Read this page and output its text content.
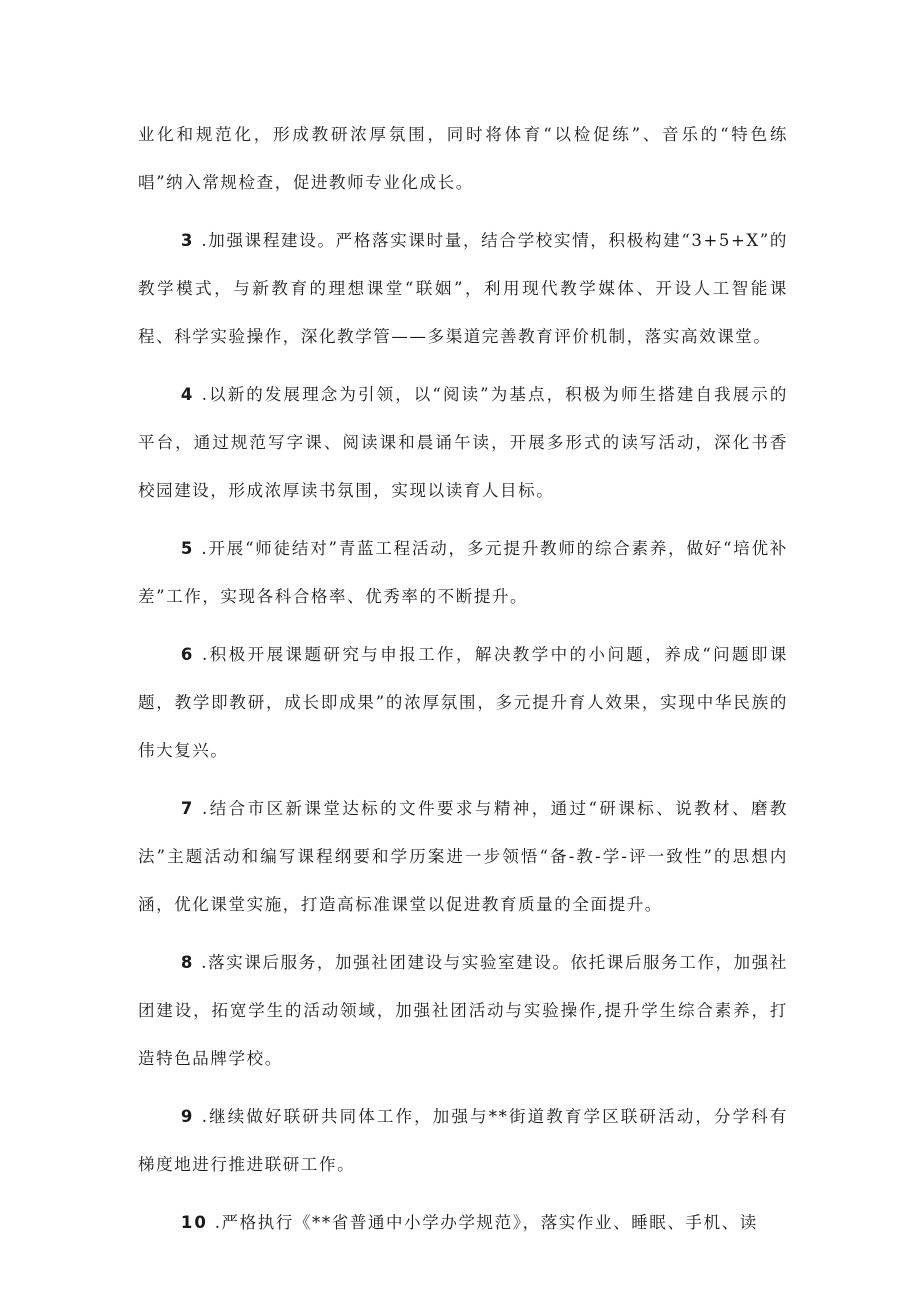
业化和规范化，形成教研浓厚氛围，同时将体育“以检促练”、音乐的“特色练唱”纳入常规检查，促进教师专业化成长。

3 .加强课程建设。严格落实课时量，结合学校实情，积极构建“3+5+X”的教学模式，与新教育的理想课堂“联姻”，利用现代教学媒体、开设人工智能课程、科学实验操作，深化教学管——多渠道完善教育评价机制，落实高效课堂。

4 .以新的发展理念为引领，以“阅读”为基点，积极为师生搭建自我展示的平台，通过规范写字课、阅读课和晨诵午读，开展多形式的读写活动，深化书香校园建设，形成浓厚读书氛围，实现以读育人目标。

5 .开展“师徒结对”青蓝工程活动，多元提升教师的综合素养，做好“培优补差”工作，实现各科合格率、优秀率的不断提升。

6 .积极开展课题研究与申报工作，解决教学中的小问题，养成“问题即课题，教学即教研，成长即成果”的浓厚氛围，多元提升育人效果，实现中华民族的伟大复兴。

7 .结合市区新课堂达标的文件要求与精神，通过“研课标、说教材、磨教法”主题活动和编写课程纲要和学历案进一步领悟“备-教-学-评一致性”的思想内涵，优化课堂实施，打造高标准课堂以促进教育质量的全面提升。

8 .落实课后服务，加强社团建设与实验室建设。依托课后服务工作，加强社团建设，拓宽学生的活动领域，加强社团活动与实验操作,提升学生综合素养，打造特色品牌学校。

9 .继续做好联研共同体工作，加强与**街道教育学区联研活动，分学科有梯度地进行推进联研工作。

10 .严格执行《**省普通中小学办学规范》，落实作业、睡眠、手机、读
